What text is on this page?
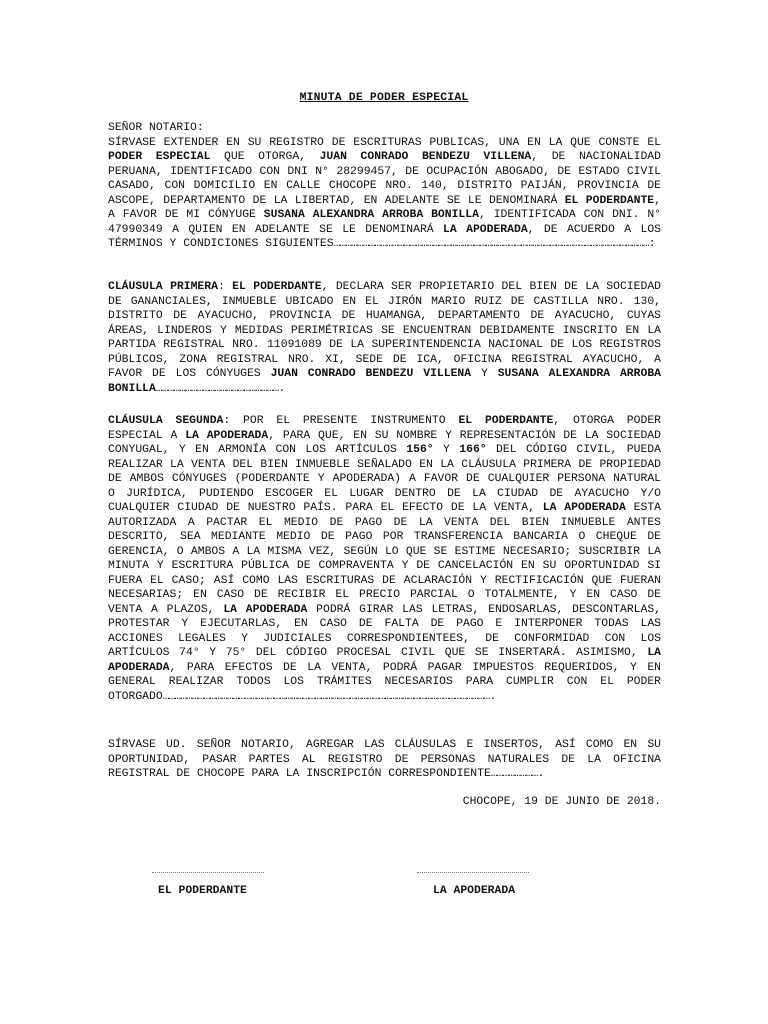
MINUTA DE PODER ESPECIAL

SEÑOR NOTARIO:
SÍRVASE EXTENDER EN SU REGISTRO DE ESCRITURAS PUBLICAS, UNA EN LA QUE CONSTE EL PODER ESPECIAL QUE OTORGA, JUAN CONRADO BENDEZU VILLENA, DE NACIONALIDAD PERUANA, IDENTIFICADO CON DNI N° 28299457, DE OCUPACIÓN ABOGADO, DE ESTADO CIVIL CASADO, CON DOMICILIO EN CALLE CHOCOPE NRO. 140, DISTRITO PAIJÁN, PROVINCIA DE ASCOPE, DEPARTAMENTO DE LA LIBERTAD, EN ADELANTE SE LE DENOMINARÁ EL PODERDANTE, A FAVOR DE MI CÓNYUGE SUSANA ALEXANDRA ARROBA BONILLA, IDENTIFICADA CON DNI. N° 47990349 A QUIEN EN ADELANTE SE LE DENOMINARÁ LA APODERADA, DE ACUERDO A LOS TÉRMINOS Y CONDICIONES SIGUIENTES………………………………………………………………………………………………………………………………………………:

CLÁUSULA PRIMERA: EL PODERDANTE, DECLARA SER PROPIETARIO DEL BIEN DE LA SOCIEDAD DE GANANCIALES, INMUEBLE UBICADO EN EL JIRÓN MARIO RUIZ DE CASTILLA NRO. 130, DISTRITO DE AYACUCHO, PROVINCIA DE HUAMANGA, DEPARTAMENTO DE AYACUCHO, CUYAS ÁREAS, LINDEROS Y MEDIDAS PERIMÉTRICAS SE ENCUENTRAN DEBIDAMENTE INSCRITO EN LA PARTIDA REGISTRAL NRO. 11091089 DE LA SUPERINTENDENCIA NACIONAL DE LOS REGISTROS PÚBLICOS, ZONA REGISTRAL NRO. XI, SEDE DE ICA, OFICINA REGISTRAL AYACUCHO, A FAVOR DE LOS CÓNYUGES JUAN CONRADO BENDEZU VILLENA Y SUSANA ALEXANDRA ARROBA BONILLA……………………………………………………….

CLÁUSULA SEGUNDA: POR EL PRESENTE INSTRUMENTO EL PODERDANTE, OTORGA PODER ESPECIAL A LA APODERADA, PARA QUE, EN SU NOMBRE Y REPRESENTACIÓN DE LA SOCIEDAD CONYUGAL, Y EN ARMONÍA CON LOS ARTÍCULOS 156° Y 166° DEL CÓDIGO CIVIL, PUEDA REALIZAR LA VENTA DEL BIEN INMUEBLE SEÑALADO EN LA CLÁUSULA PRIMERA DE PROPIEDAD DE AMBOS CÓNYUGES (PODERDANTE Y APODERADA) A FAVOR DE CUALQUIER PERSONA NATURAL O JURÍDICA, PUDIENDO ESCOGER EL LUGAR DENTRO DE LA CIUDAD DE AYACUCHO Y/O CUALQUIER CIUDAD DE NUESTRO PAÍS. PARA EL EFECTO DE LA VENTA, LA APODERADA ESTA AUTORIZADA A PACTAR EL MEDIO DE PAGO DE LA VENTA DEL BIEN INMUEBLE ANTES DESCRITO, SEA MEDIANTE MEDIO DE PAGO POR TRANSFERENCIA BANCARIA O CHEQUE DE GERENCIA, O AMBOS A LA MISMA VEZ, SEGÚN LO QUE SE ESTIME NECESARIO; SUSCRIBIR LA MINUTA Y ESCRITURA PÚBLICA DE COMPRAVENTA Y DE CANCELACIÓN EN SU OPORTUNIDAD SI FUERA EL CASO; ASÍ COMO LAS ESCRITURAS DE ACLARACIÓN Y RECTIFICACIÓN QUE FUERAN NECESARIAS; EN CASO DE RECIBIR EL PRECIO PARCIAL O TOTALMENTE, Y EN CASO DE VENTA A PLAZOS, LA APODERADA PODRÁ GIRAR LAS LETRAS, ENDOSARLAS, DESCONTARLAS, PROTESTAR Y EJECUTARLAS, EN CASO DE FALTA DE PAGO E INTERPONER TODAS LAS ACCIONES LEGALES Y JUDICIALES CORRESPONDIENTEES, DE CONFORMIDAD CON LOS ARTÍCULOS 74° Y 75° DEL CÓDIGO PROCESAL CIVIL QUE SE INSERTARÁ. ASIMISMO, LA APODERADA, PARA EFECTOS DE LA VENTA, PODRÁ PAGAR IMPUESTOS REQUERIDOS, Y EN GENERAL REALIZAR TODOS LOS TRÁMITES NECESARIOS PARA CUMPLIR CON EL PODER OTORGADO…………………………………………………………………………………………………………………………………………………….

SÍRVASE UD. SEÑOR NOTARIO, AGREGAR LAS CLÁUSULAS E INSERTOS, ASÍ COMO EN SU OPORTUNIDAD, PASAR PARTES AL REGISTRO DE PERSONAS NATURALES DE LA OFICINA REGISTRAL DE CHOCOPE PARA LA INSCRIPCIÓN CORRESPONDIENTE…………………….

CHOCOPE, 19 DE JUNIO DE 2018.
EL PODERDANTE	LA APODERADA
